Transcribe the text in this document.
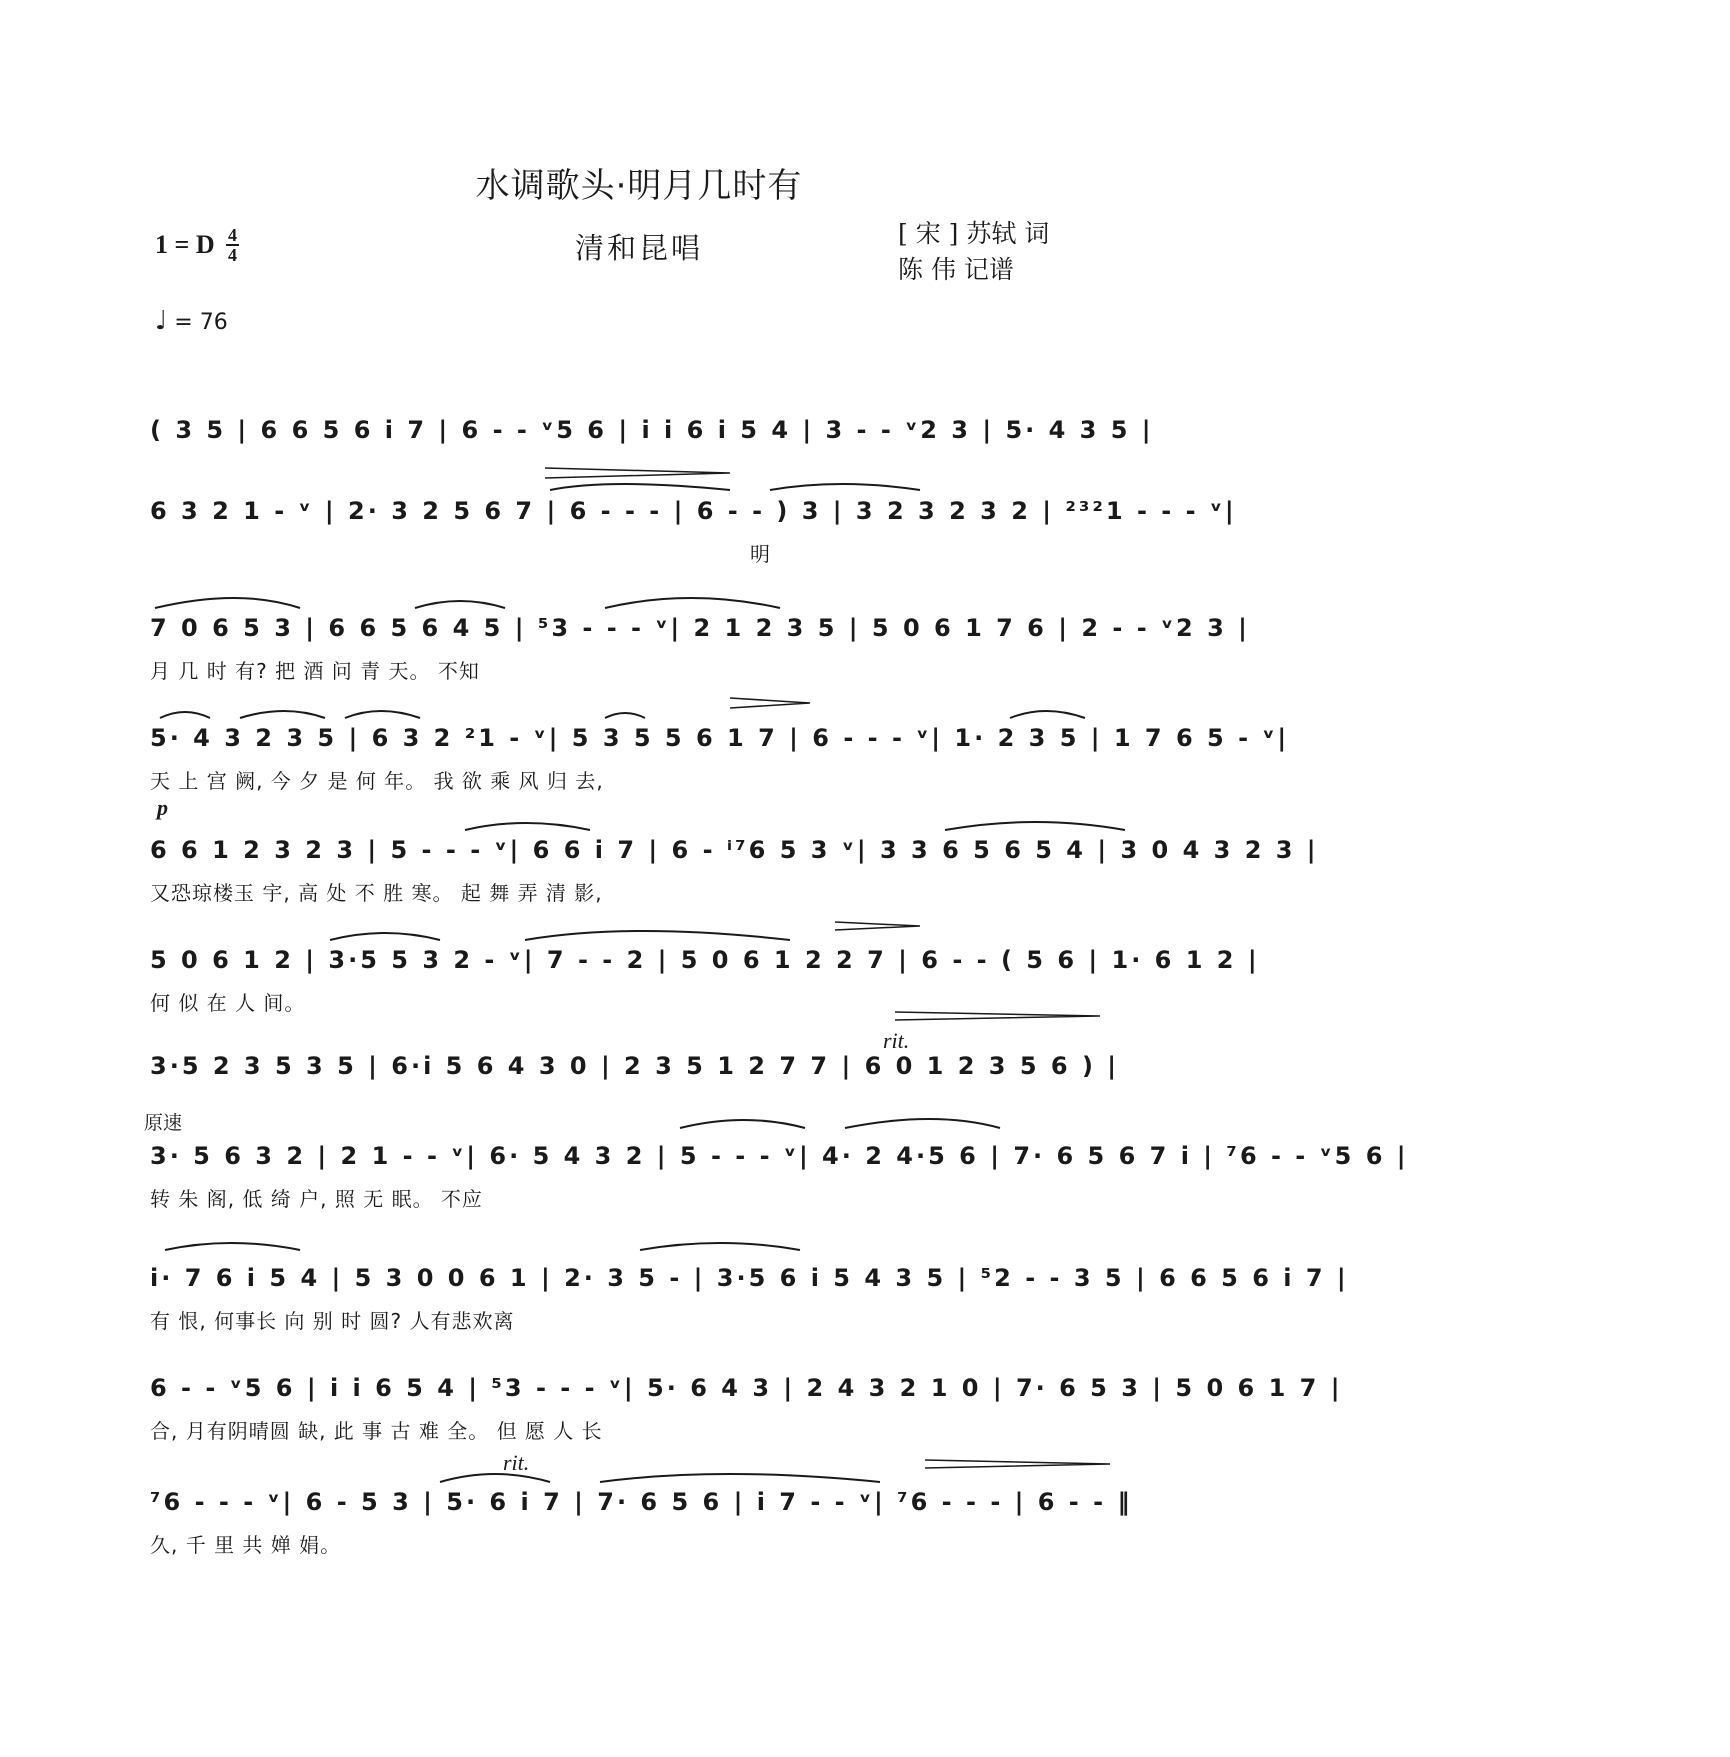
水调歌头·明月几时有
1 = D 4
4	清和昆唱	[ 宋 ] 苏轼 词
陈 伟 记谱
♩ = 76
( 3 5 | 6 6 5 6 i 7 | 6 - - ᵛ5 6 | i i 6 i 5 4 | 3 - - ᵛ2 3 | 5· 4 3 5 |
6 3 2 1 - ᵛ | 2· 3 2 5 6 7 | 6 - - - | 6 - - ) 3 | 3 2 3 2 3 2 | ²³²1 - - - ᵛ|
明
7 0 6 5 3 | 6 6 5 6 4 5 | ⁵3 - - - ᵛ| 2 1 2 3 5 | 5 0 6 1 7 6 | 2 - - ᵛ2 3 |
月 几 时 有? 把 酒 问 青 天。 不知
5· 4 3 2 3 5 | 6 3 2 ²1 - ᵛ| 5 3 5 5 6 1 7 | 6 - - - ᵛ| 1· 2 3 5 | 1 7 6 5 - ᵛ|
天 上 宫 阙, 今 夕 是 何 年。 我 欲 乘 风 归 去,
p
6 6 1 2 3 2 3 | 5 - - - ᵛ| 6 6 i 7 | 6 - ⁱ⁷6 5 3 ᵛ| 3 3 6 5 6 5 4 | 3 0 4 3 2 3 |
又恐琼楼玉 宇, 高 处 不 胜 寒。 起 舞 弄 清 影,
5 0 6 1 2 | 3·5 5 3 2 - ᵛ| 7 - - 2 | 5 0 6 1 2 2 7 | 6 - - ( 5 6 | 1· 6 1 2 |
何 似 在 人 间。
rit.
3·5 2 3 5 3 5 | 6·i 5 6 4 3 0 | 2 3 5 1 2 7 7 | 6 0 1 2 3 5 6 ) |
原速
3· 5 6 3 2 | 2 1 - - ᵛ| 6· 5 4 3 2 | 5 - - - ᵛ| 4· 2 4·5 6 | 7· 6 5 6 7 i | ⁷6 - - ᵛ5 6 |
转 朱 阁, 低 绮 户, 照 无 眠。 不应
i· 7 6 i 5 4 | 5 3 0 0 6 1 | 2· 3 5 - | 3·5 6 i 5 4 3 5 | ⁵2 - - 3 5 | 6 6 5 6 i 7 |
有 恨, 何事长 向 别 时 圆? 人有悲欢离
6 - - ᵛ5 6 | i i 6 5 4 | ⁵3 - - - ᵛ| 5· 6 4 3 | 2 4 3 2 1 0 | 7· 6 5 3 | 5 0 6 1 7 |
合, 月有阴晴圆 缺, 此 事 古 难 全。 但 愿 人 长
rit.
⁷6 - - - ᵛ| 6 - 5 3 | 5· 6 i 7 | 7· 6 5 6 | i 7 - - ᵛ| ⁷6 - - - | 6 - - ‖
久, 千 里 共 婵 娟。
